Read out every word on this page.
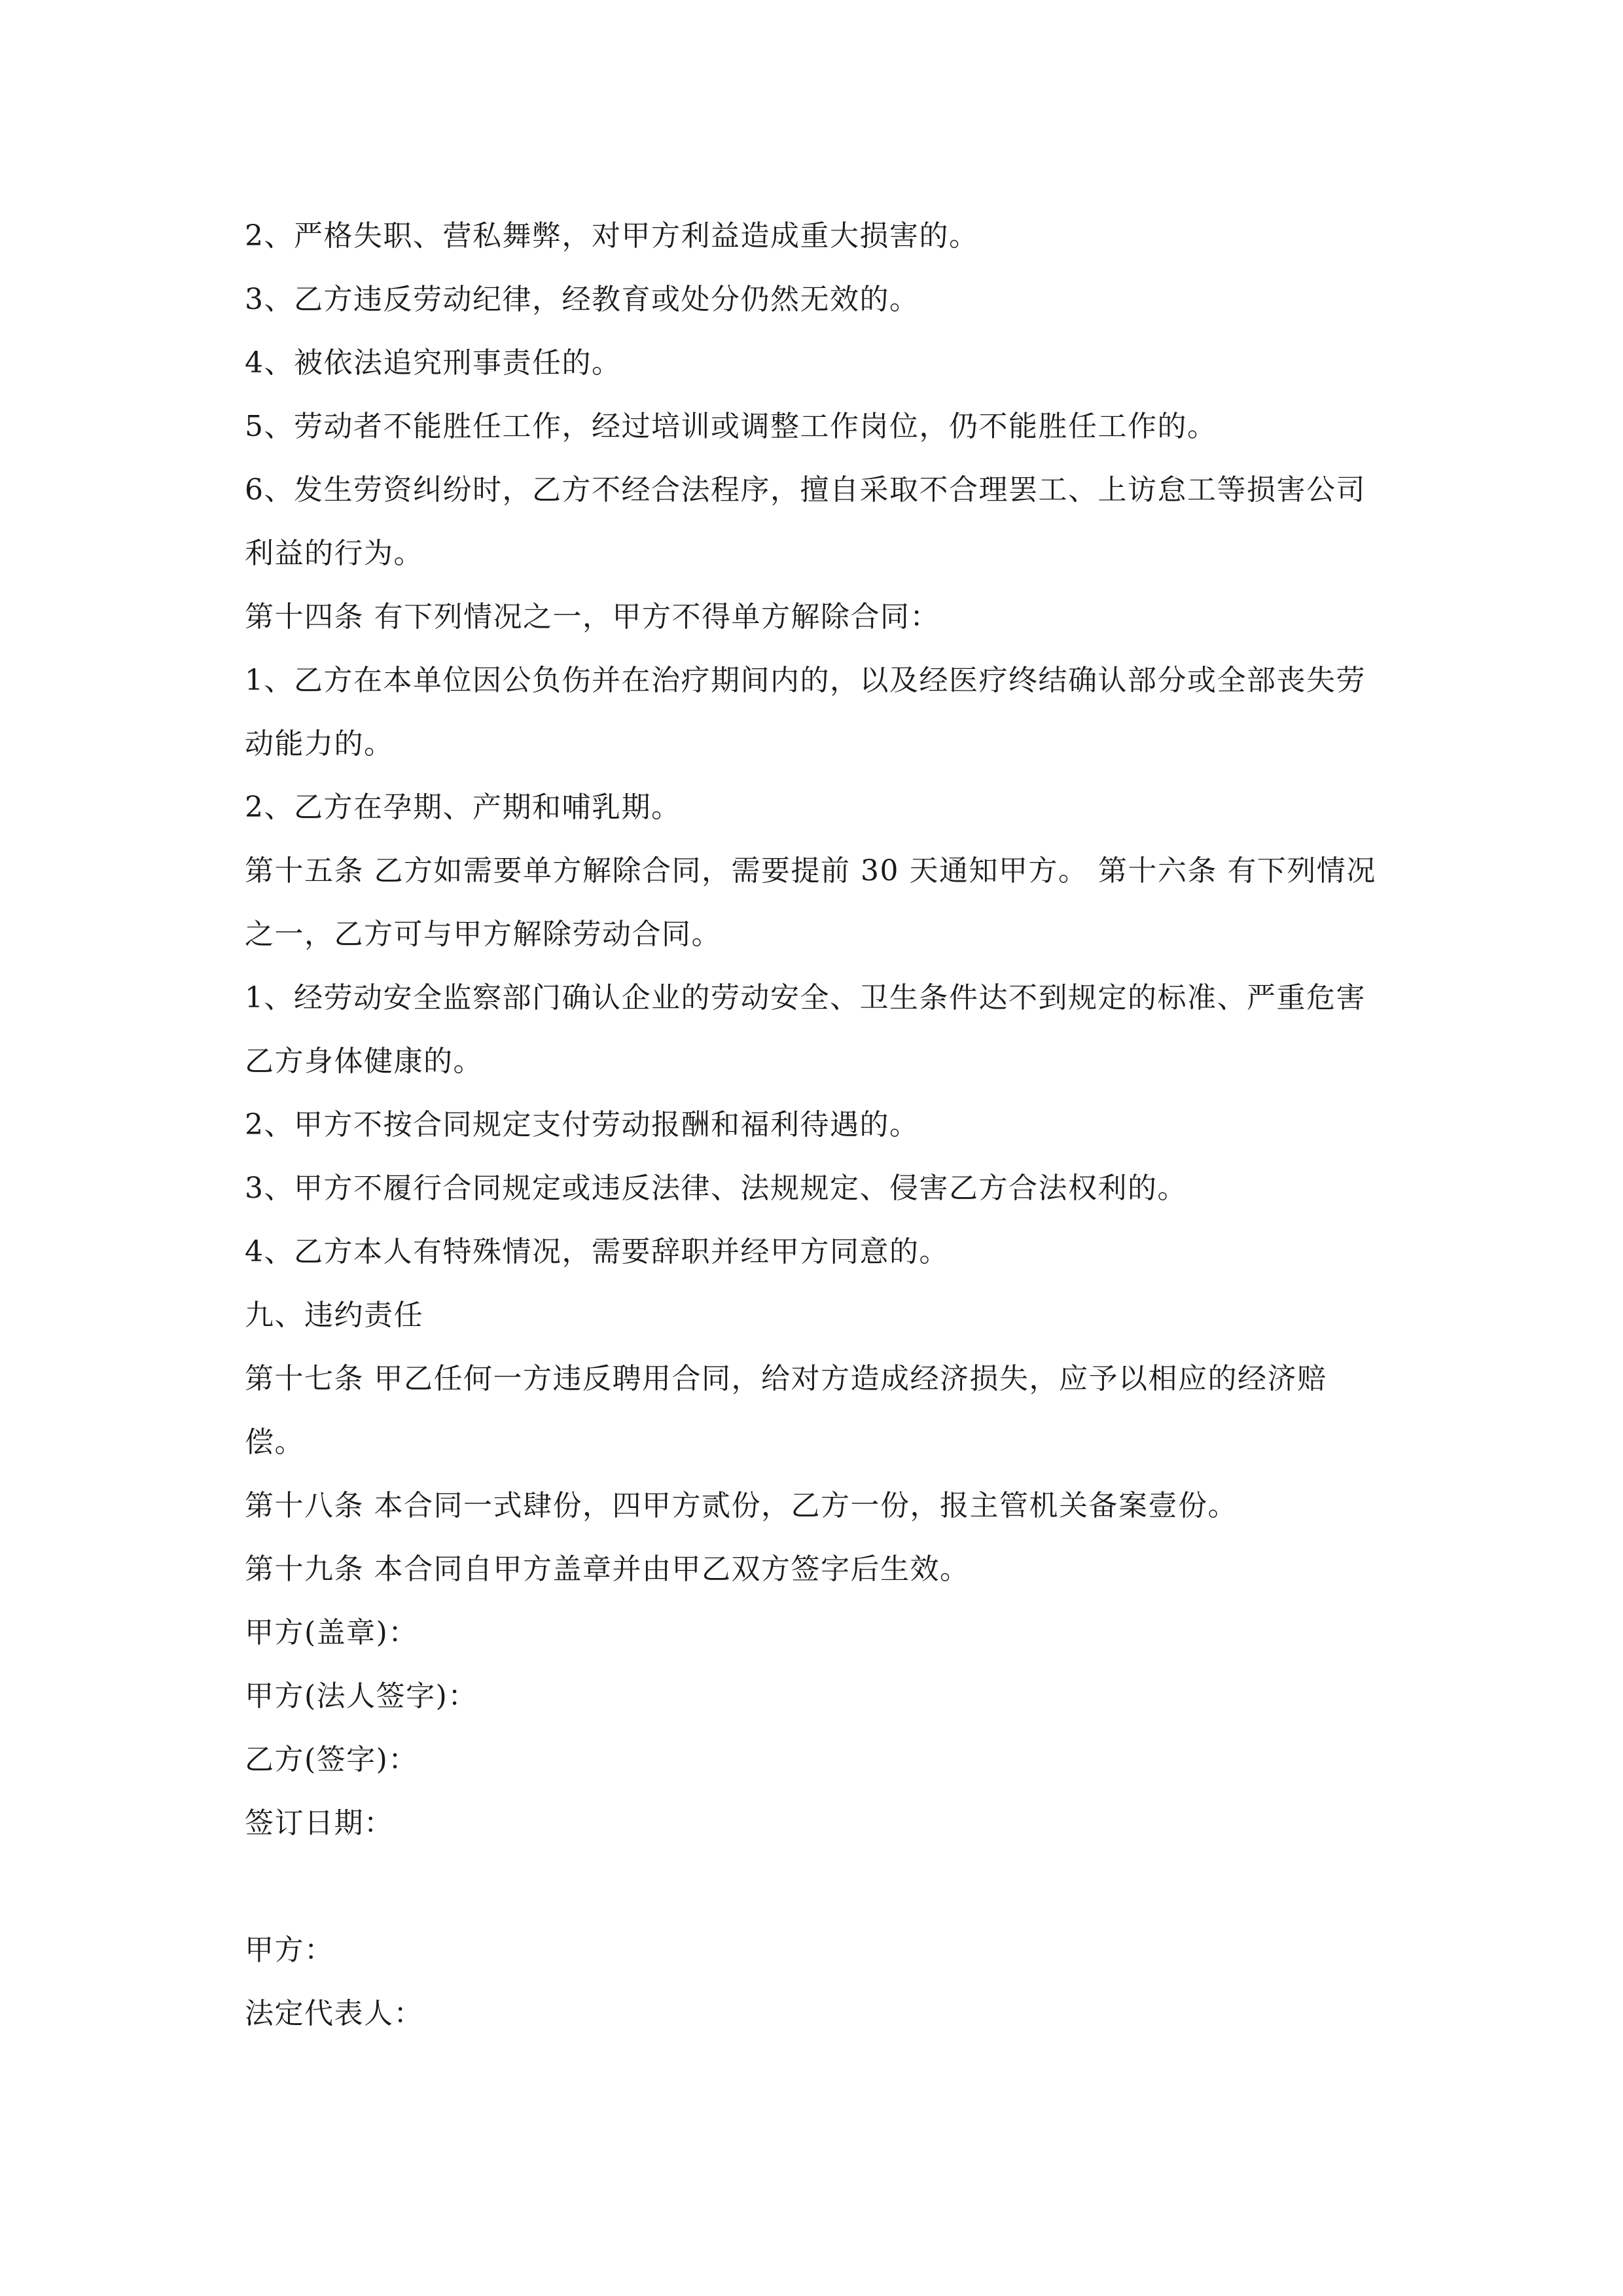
2、严格失职、营私舞弊，对甲方利益造成重大损害的。

3、乙方违反劳动纪律，经教育或处分仍然无效的。

4、被依法追究刑事责任的。

5、劳动者不能胜任工作，经过培训或调整工作岗位，仍不能胜任工作的。

6、发生劳资纠纷时，乙方不经合法程序，擅自采取不合理罢工、上访怠工等损害公司利益的行为。

第十四条 有下列情况之一，甲方不得单方解除合同：

1、乙方在本单位因公负伤并在治疗期间内的，以及经医疗终结确认部分或全部丧失劳动能力的。

2、乙方在孕期、产期和哺乳期。

第十五条 乙方如需要单方解除合同，需要提前 30 天通知甲方。 第十六条 有下列情况之一，乙方可与甲方解除劳动合同。

1、经劳动安全监察部门确认企业的劳动安全、卫生条件达不到规定的标准、严重危害乙方身体健康的。

2、甲方不按合同规定支付劳动报酬和福利待遇的。

3、甲方不履行合同规定或违反法律、法规规定、侵害乙方合法权利的。

4、乙方本人有特殊情况，需要辞职并经甲方同意的。

九、违约责任

第十七条 甲乙任何一方违反聘用合同，给对方造成经济损失，应予以相应的经济赔偿。

第十八条 本合同一式肆份，四甲方贰份，乙方一份，报主管机关备案壹份。

第十九条 本合同自甲方盖章并由甲乙双方签字后生效。

甲方(盖章)：

甲方(法人签字)：

乙方(签字)：

签订日期：

甲方：

法定代表人：
